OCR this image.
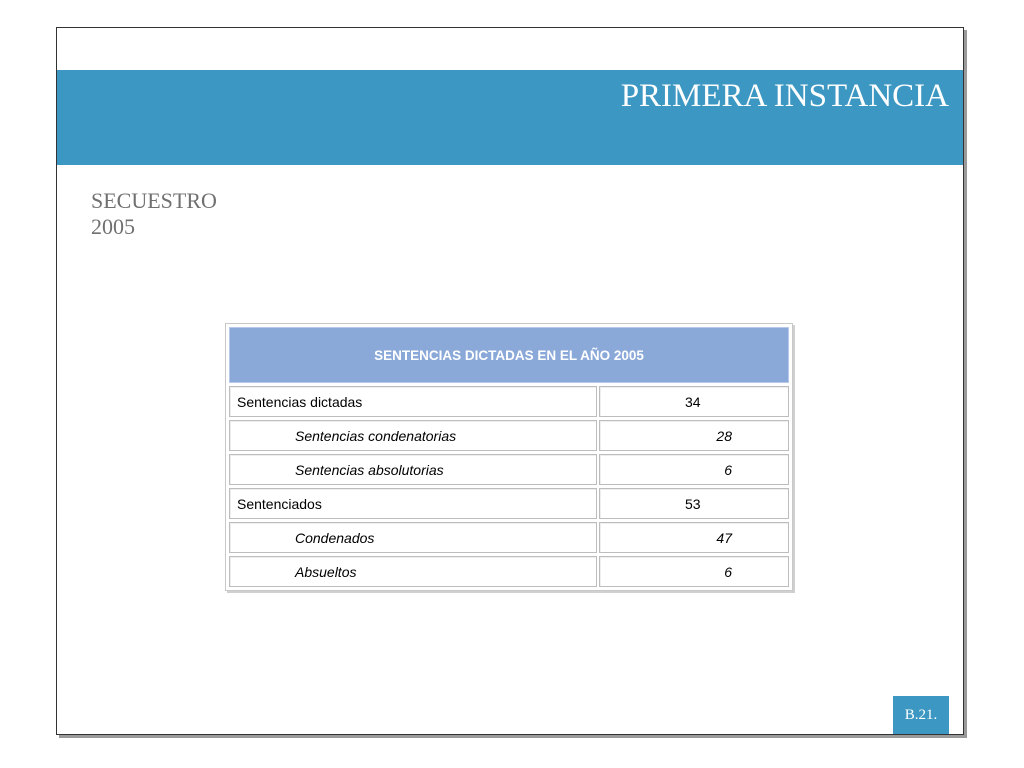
PRIMERA INSTANCIA
SECUESTRO
2005
SENTENCIAS DICTADAS EN EL AÑO 2005
Sentencias dictadas	34
Sentencias condenatorias	28
Sentencias absolutorias	6
Sentenciados	53
Condenados	47
Absueltos	6
B.21.
